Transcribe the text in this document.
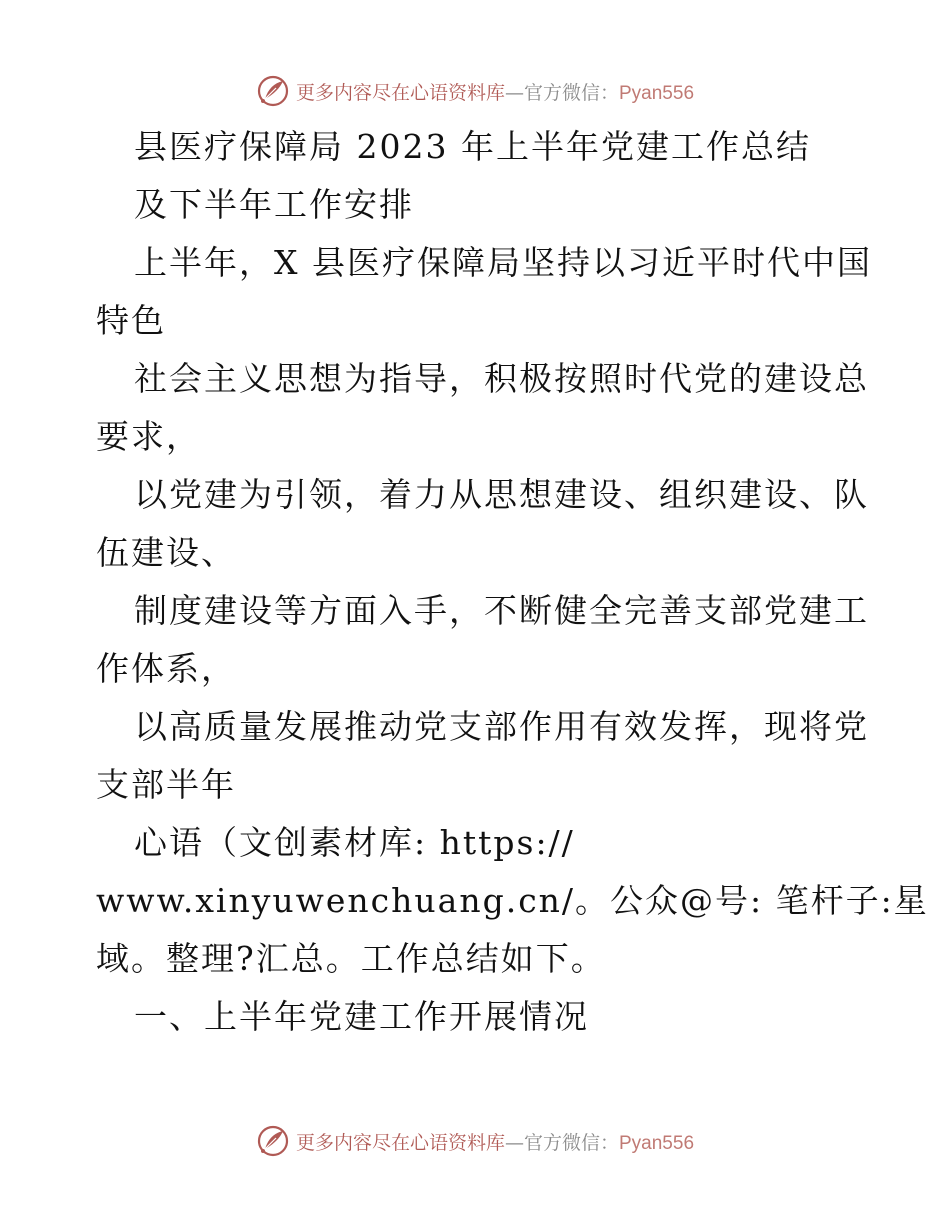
更多内容尽在心语资料库—官方微信：Pyan556
县医疗保障局 2023 年上半年党建工作总结
及下半年工作安排
上半年，X 县医疗保障局坚持以习近平时代中国
特色
社会主义思想为指导，积极按照时代党的建设总
要求，
以党建为引领，着力从思想建设、组织建设、队
伍建设、
制度建设等方面入手，不断健全完善支部党建工
作体系，
以高质量发展推动党支部作用有效发挥，现将党
支部半年
心语（文创素材库: https://
www.xinyuwenchuang.cn/。公众@号: 笔杆子:星
域。整理?汇总。工作总结如下。
一、上半年党建工作开展情况
更多内容尽在心语资料库—官方微信：Pyan556
